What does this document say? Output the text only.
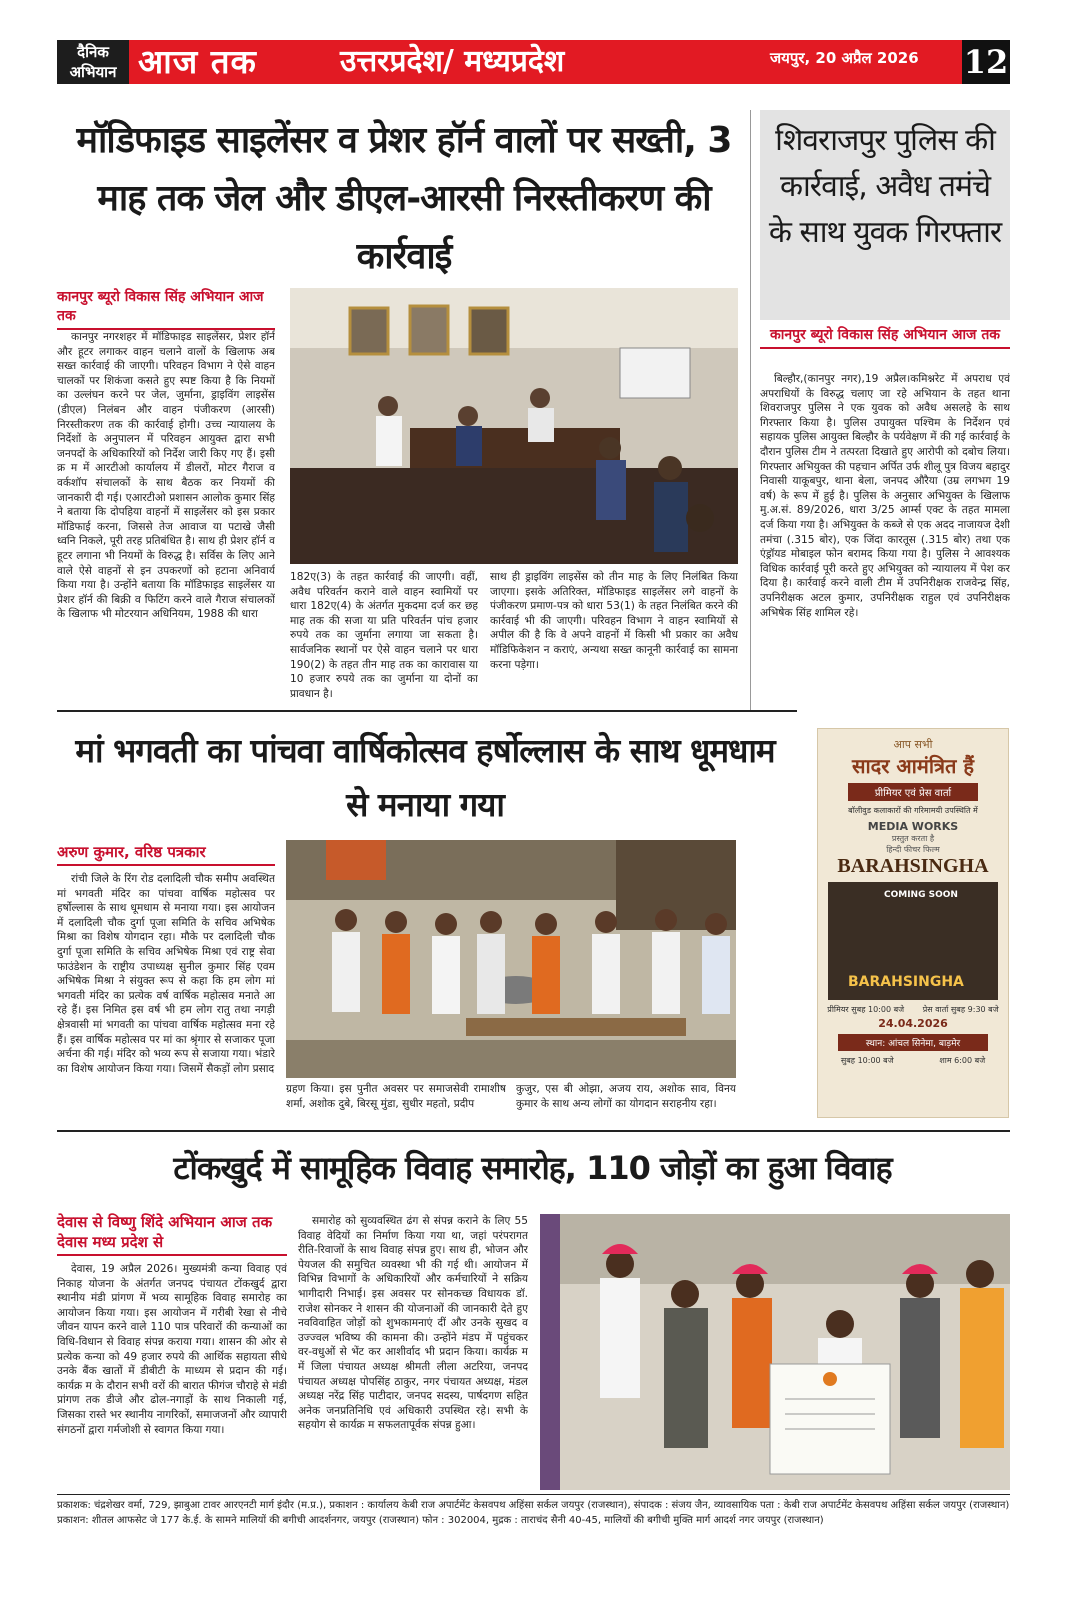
दैनिक
अभियान आज तक	उत्तरप्रदेश/ मध्यप्रदेश	जयपुर, 20 अप्रैल 2026 12
मॉडिफाइड साइलेंसर व प्रेशर हॉर्न वालों पर सख्ती, 3 माह तक जेल और डीएल-आरसी निरस्तीकरण की कार्रवाई
कानपुर ब्यूरो विकास सिंह अभियान आज तक

कानपुर नगरशहर में मॉडिफाइड साइलेंसर, प्रेशर हॉर्न और हूटर लगाकर वाहन चलाने वालों के खिलाफ अब सख्त कार्रवाई की जाएगी। परिवहन विभाग ने ऐसे वाहन चालकों पर शिकंजा कसते हुए स्पष्ट किया है कि नियमों का उल्लंघन करने पर जेल, जुर्माना, ड्राइविंग लाइसेंस (डीएल) निलंबन और वाहन पंजीकरण (आरसी) निरस्तीकरण तक की कार्रवाई होगी। उच्च न्यायालय के निर्देशों के अनुपालन में परिवहन आयुक्त द्वारा सभी जनपदों के अधिकारियों को निर्देश जारी किए गए हैं। इसी क्र म में आरटीओ कार्यालय में डीलरों, मोटर गैराज व वर्कशॉप संचालकों के साथ बैठक कर नियमों की जानकारी दी गई। एआरटीओ प्रशासन आलोक कुमार सिंह ने बताया कि दोपहिया वाहनों में साइलेंसर को इस प्रकार मॉडिफाई करना, जिससे तेज आवाज या पटाखे जैसी ध्वनि निकले, पूरी तरह प्रतिबंधित है। साथ ही प्रेशर हॉर्न व हूटर लगाना भी नियमों के विरुद्ध है। सर्विस के लिए आने वाले ऐसे वाहनों से इन उपकरणों को हटाना अनिवार्य किया गया है। उन्होंने बताया कि मॉडिफाइड साइलेंसर या प्रेशर हॉर्न की बिक्री व फिटिंग करने वाले गैराज संचालकों के खिलाफ भी मोटरयान अधिनियम, 1988 की धारा

182ए(3) के तहत कार्रवाई की जाएगी। वहीं, अवैध परिवर्तन कराने वाले वाहन स्वामियों पर धारा 182ए(4) के अंतर्गत मुकदमा दर्ज कर छह माह तक की सजा या प्रति परिवर्तन पांच हजार रुपये तक का जुर्माना लगाया जा सकता है। सार्वजनिक स्थानों पर ऐसे वाहन चलाने पर धारा 190(2) के तहत तीन माह तक का कारावास या 10 हजार रुपये तक का जुर्माना या दोनों का प्रावधान है।

साथ ही ड्राइविंग लाइसेंस को तीन माह के लिए निलंबित किया जाएगा। इसके अतिरिक्त, मॉडिफाइड साइलेंसर लगे वाहनों के पंजीकरण प्रमाण-पत्र को धारा 53(1) के तहत निलंबित करने की कार्रवाई भी की जाएगी। परिवहन विभाग ने वाहन स्वामियों से अपील की है कि वे अपने वाहनों में किसी भी प्रकार का अवैध मॉडिफिकेशन न कराएं, अन्यथा सख्त कानूनी कार्रवाई का सामना करना पड़ेगा।

शिवराजपुर पुलिस की कार्रवाई, अवैध तमंचे के साथ युवक गिरफ्तार
कानपुर ब्यूरो विकास सिंह अभियान आज तक

बिल्हौर,(कानपुर नगर),19 अप्रैल।कमिश्नरेट में अपराध एवं अपराधियों के विरुद्ध चलाए जा रहे अभियान के तहत थाना शिवराजपुर पुलिस ने एक युवक को अवैध असलहे के साथ गिरफ्तार किया है। पुलिस उपायुक्त पश्चिम के निर्देशन एवं सहायक पुलिस आयुक्त बिल्हौर के पर्यवेक्षण में की गई कार्रवाई के दौरान पुलिस टीम ने तत्परता दिखाते हुए आरोपी को दबोच लिया। गिरफ्तार अभियुक्त की पहचान अर्पित उर्फ शीलू पुत्र विजय बहादुर निवासी याकूबपुर, थाना बेला, जनपद औरैया (उम्र लगभग 19 वर्ष) के रूप में हुई है। पुलिस के अनुसार अभियुक्त के खिलाफ मु.अ.सं. 89/2026, धारा 3/25 आर्म्स एक्ट के तहत मामला दर्ज किया गया है। अभियुक्त के कब्जे से एक अदद नाजायज देशी तमंचा (.315 बोर), एक जिंदा कारतूस (.315 बोर) तथा एक एंड्रॉयड मोबाइल फोन बरामद किया गया है। पुलिस ने आवश्यक विधिक कार्रवाई पूरी करते हुए अभियुक्त को न्यायालय में पेश कर दिया है। कार्रवाई करने वाली टीम में उपनिरीक्षक राजवेन्द्र सिंह, उपनिरीक्षक अटल कुमार, उपनिरीक्षक राहुल एवं उपनिरीक्षक अभिषेक सिंह शामिल रहे।

मां भगवती का पांचवा वार्षिकोत्सव हर्षोल्लास के साथ धूमधाम से मनाया गया
अरुण कुमार, वरिष्ठ पत्रकार

रांची जिले के रिंग रोड दलादिली चौक समीप अवस्थित मां भगवती मंदिर का पांचवा वार्षिक महोत्सव पर हर्षोल्लास के साथ धूमधाम से मनाया गया। इस आयोजन में दलादिली चौक दुर्गा पूजा समिति के सचिव अभिषेक मिश्रा का विशेष योगदान रहा। मौके पर दलादिली चौक दुर्गा पूजा समिति के सचिव अभिषेक मिश्रा एवं राष्ट्र सेवा फाउंडेशन के राष्ट्रीय उपाध्यक्ष सुनील कुमार सिंह एवम अभिषेक मिश्रा ने संयुक्त रूप से कहा कि हम लोग मां भगवती मंदिर का प्रत्येक वर्ष वार्षिक महोत्सव मनाते आ रहे हैं। इस निमित इस वर्ष भी हम लोग रातु तथा नगड़ी क्षेत्रवासी मां भगवती का पांचवा वार्षिक महोत्सव मना रहे हैं। इस वार्षिक महोत्सव पर मां का श्रृंगार से सजाकर पूजा अर्चना की गई। मंदिर को भव्य रूप से सजाया गया। भंडारे का विशेष आयोजन किया गया। जिसमें सैकड़ों लोग प्रसाद

ग्रहण किया। इस पुनीत अवसर पर समाजसेवी रामाशीष शर्मा, अशोक दुबे, बिरसू मुंडा, सुधीर महतो, प्रदीप

कुजुर, एस बी ओझा, अजय राय, अशोक साव, विनय कुमार के साथ अन्य लोगों का योगदान सराहनीय रहा।

आप सभी
सादर आमंत्रित हैं
प्रीमियर एवं प्रेस वार्ता
बॉलीवुड कलाकारों की गरिमामयी उपस्थिति में
MEDIA WORKS
प्रस्तुत करता है
हिन्दी फीचर फिल्म
BARAHSINGHA
COMING SOON
BARAHSINGHA
प्रीमियर सुबह 10:00 बजे प्रेस वार्ता सुबह 9:30 बजे
24.04.2026
स्थान: आंचल सिनेमा, बाड़मेर
सुबह 10:00 बजे	शाम 6:00 बजे
टोंकखुर्द में सामूहिक विवाह समारोह, 110 जोड़ों का हुआ विवाह
देवास से विष्णु शिंदे अभियान आज तक देवास मध्य प्रदेश से

देवास, 19 अप्रैल 2026। मुख्यमंत्री कन्या विवाह एवं निकाह योजना के अंतर्गत जनपद पंचायत टोंकखुर्द द्वारा स्थानीय मंडी प्रांगण में भव्य सामूहिक विवाह समारोह का आयोजन किया गया। इस आयोजन में गरीबी रेखा से नीचे जीवन यापन करने वाले 110 पात्र परिवारों की कन्याओं का विधि-विधान से विवाह संपन्न कराया गया। शासन की ओर से प्रत्येक कन्या को 49 हजार रुपये की आर्थिक सहायता सीधे उनके बैंक खातों में डीबीटी के माध्यम से प्रदान की गई। कार्यक्र म के दौरान सभी वरों की बारात फीगंज चौराहे से मंडी प्रांगण तक डीजे और ढोल-नगाड़ों के साथ निकाली गई, जिसका रास्ते भर स्थानीय नागरिकों, समाजजनों और व्यापारी संगठनों द्वारा गर्मजोशी से स्वागत किया गया।

समारोह को सुव्यवस्थित ढंग से संपन्न कराने के लिए 55 विवाह वेदियों का निर्माण किया गया था, जहां परंपरागत रीति-रिवाजों के साथ विवाह संपन्न हुए। साथ ही, भोजन और पेयजल की समुचित व्यवस्था भी की गई थी। आयोजन में विभिन्न विभागों के अधिकारियों और कर्मचारियों ने सक्रिय भागीदारी निभाई। इस अवसर पर सोनकच्छ विधायक डॉ. राजेश सोनकर ने शासन की योजनाओं की जानकारी देते हुए नवविवाहित जोड़ों को शुभकामनाएं दीं और उनके सुखद व उज्ज्वल भविष्य की कामना की। उन्होंने मंडप में पहुंचकर वर-वधुओं से भेंट कर आशीर्वाद भी प्रदान किया। कार्यक्र म में जिला पंचायत अध्यक्ष श्रीमती लीला अटरिया, जनपद पंचायत अध्यक्ष पोपसिंह ठाकुर, नगर पंचायत अध्यक्ष, मंडल अध्यक्ष नरेंद्र सिंह पाटीदार, जनपद सदस्य, पार्षदगण सहित अनेक जनप्रतिनिधि एवं अधिकारी उपस्थित रहे। सभी के सहयोग से कार्यक्र म सफलतापूर्वक संपन्न हुआ।

प्रकाशक: चंद्रशेखर वर्मा, 729, झाबुआ टावर आरएनटी मार्ग इंदौर (म.प्र.), प्रकाशन : कार्यालय केबी राज अपार्टमेंट केसवपथ अहिंसा सर्कल जयपुर (राजस्थान), संपादक : संजय जैन, व्यावसायिक पता : केबी राज अपार्टमेंट केसवपथ अहिंसा सर्कल जयपुर (राजस्थान) प्रकाशन: शीतल आफसेट जे 177 के.ई. के सामने मालियों की बगीची आदर्शनगर, जयपुर (राजस्थान) फोन : 302004, मुद्रक : ताराचंद सैनी 40-45, मालियों की बगीची मुक्ति मार्ग आदर्श नगर जयपुर (राजस्थान)
